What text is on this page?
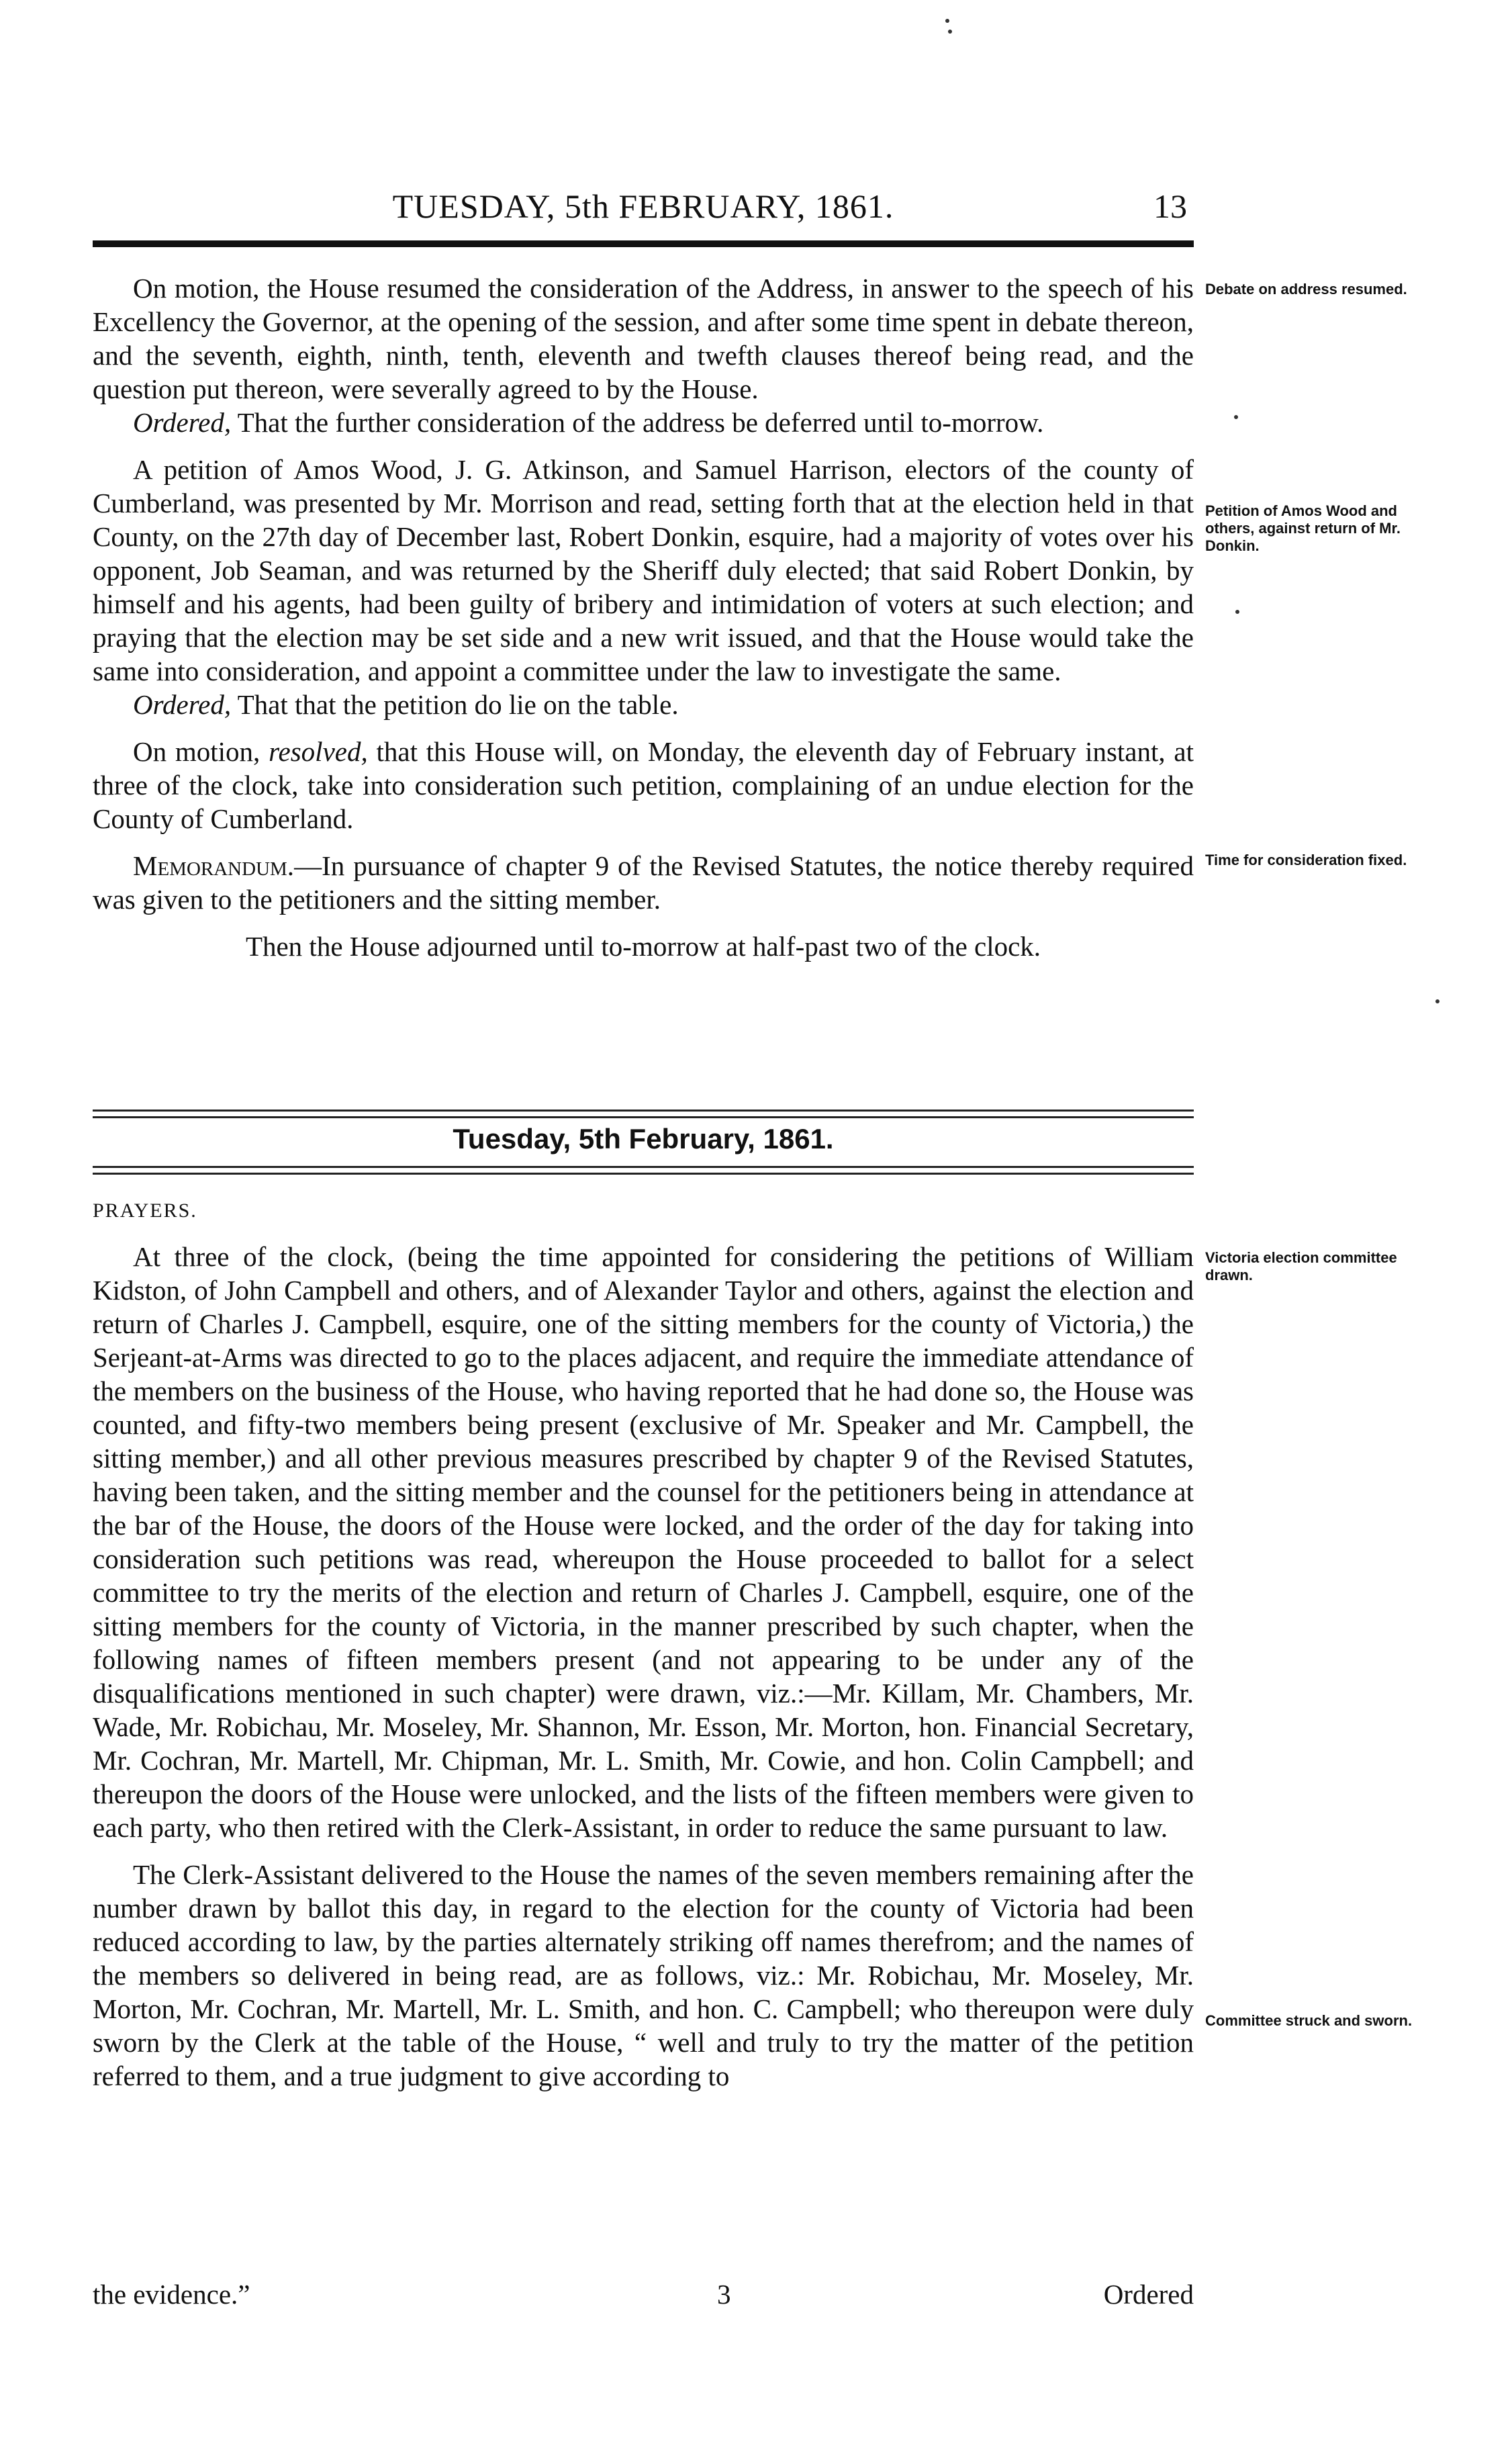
TUESDAY, 5th FEBRUARY, 1861.	13

On motion, the House resumed the consideration of the Address, in answer to the speech of his Excellency the Governor, at the opening of the session, and after some time spent in debate thereon, and the seventh, eighth, ninth, tenth, eleventh and twefth clauses thereof being read, and the question put thereon, were severally agreed to by the House.

Ordered, That the further consideration of the address be deferred until to-morrow.

A petition of Amos Wood, J. G. Atkinson, and Samuel Harrison, electors of the county of Cumberland, was presented by Mr. Morrison and read, setting forth that at the election held in that County, on the 27th day of December last, Robert Donkin, esquire, had a majority of votes over his opponent, Job Seaman, and was returned by the Sheriff duly elected; that said Robert Donkin, by himself and his agents, had been guilty of bribery and intimidation of voters at such election; and praying that the election may be set side and a new writ issued, and that the House would take the same into consideration, and appoint a committee under the law to investigate the same.

Ordered, That that the petition do lie on the table.

On motion, resolved, that this House will, on Monday, the eleventh day of February instant, at three of the clock, take into consideration such petition, complaining of an undue election for the County of Cumberland.

Memorandum.—In pursuance of chapter 9 of the Revised Statutes, the notice thereby required was given to the petitioners and the sitting member.

Then the House adjourned until to-morrow at half-past two of the clock.

Debate on address resumed.
Petition of Amos Wood and others, against return of Mr. Donkin.
Time for consideration fixed.
Tuesday, 5th February, 1861.
PRAYERS.

At three of the clock, (being the time appointed for considering the petitions of William Kidston, of John Campbell and others, and of Alexander Taylor and others, against the election and return of Charles J. Campbell, esquire, one of the sitting members for the county of Victoria,) the Serjeant-at-Arms was directed to go to the places adjacent, and require the immediate attendance of the members on the business of the House, who having reported that he had done so, the House was counted, and fifty-two members being present (exclusive of Mr. Speaker and Mr. Campbell, the sitting member,) and all other previous measures prescribed by chapter 9 of the Revised Statutes, having been taken, and the sitting member and the counsel for the petitioners being in attendance at the bar of the House, the doors of the House were locked, and the order of the day for taking into consideration such petitions was read, whereupon the House proceeded to ballot for a select committee to try the merits of the election and return of Charles J. Campbell, esquire, one of the sitting members for the county of Victoria, in the manner prescribed by such chapter, when the following names of fifteen members present (and not appearing to be under any of the disqualifications mentioned in such chapter) were drawn, viz.:—Mr. Killam, Mr. Chambers, Mr. Wade, Mr. Robichau, Mr. Moseley, Mr. Shannon, Mr. Esson, Mr. Morton, hon. Financial Secretary, Mr. Cochran, Mr. Martell, Mr. Chipman, Mr. L. Smith, Mr. Cowie, and hon. Colin Campbell; and thereupon the doors of the House were unlocked, and the lists of the fifteen members were given to each party, who then retired with the Clerk-Assistant, in order to reduce the same pursuant to law.

The Clerk-Assistant delivered to the House the names of the seven members remaining after the number drawn by ballot this day, in regard to the election for the county of Victoria had been reduced according to law, by the parties alternately striking off names therefrom; and the names of the members so delivered in being read, are as follows, viz.: Mr. Robichau, Mr. Moseley, Mr. Morton, Mr. Cochran, Mr. Martell, Mr. L. Smith, and hon. C. Campbell; who thereupon were duly sworn by the Clerk at the table of the House, “ well and truly to try the matter of the petition referred to them, and a true judgment to give according to

Victoria election committee drawn.
Committee struck and sworn.
the evidence.”	3	Ordered
